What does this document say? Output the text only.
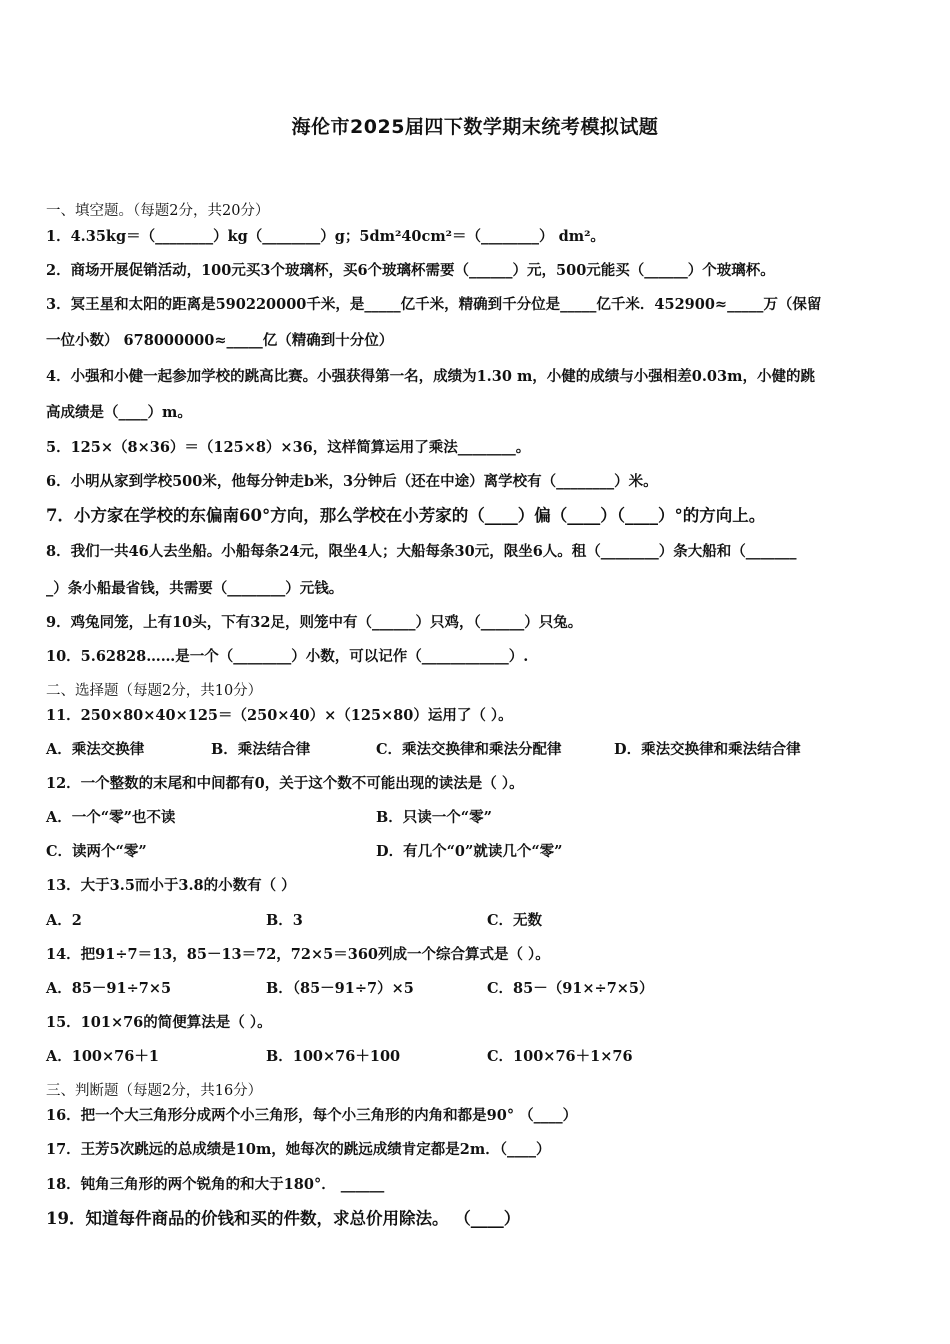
海伦市2025届四下数学期末统考模拟试题
一、填空题。（每题2分，共20分）
1．4.35kg＝（________）kg（________）g；5dm²40cm²＝（________） dm²。
2．商场开展促销活动，100元买3个玻璃杯，买6个玻璃杯需要（______）元，500元能买（______）个玻璃杯。
3．冥王星和太阳的距离是590220000千米，是_____亿千米，精确到千分位是_____亿千米．452900≈_____万（保留
一位小数） 678000000≈_____亿（精确到十分位）
4．小强和小健一起参加学校的跳高比赛。小强获得第一名，成绩为1.30 m，小健的成绩与小强相差0.03m，小健的跳
高成绩是（____）m。
5．125×（8×36）＝（125×8）×36，这样简算运用了乘法________。
6．小明从家到学校500米，他每分钟走b米，3分钟后（还在中途）离学校有（________）米。
7．小方家在学校的东偏南60°方向，那么学校在小芳家的（____）偏（____）（____）°的方向上。
8．我们一共46人去坐船。小船每条24元，限坐4人；大船每条30元，限坐6人。租（________）条大船和（_______
_）条小船最省钱，共需要（________）元钱。
9．鸡兔同笼，上有10头，下有32足，则笼中有（______）只鸡，（______）只兔。
10．5.62828……是一个（________）小数，可以记作（____________）.
二、选择题（每题2分，共10分）
11．250×80×40×125＝（250×40）×（125×80）运用了（ ）。
A．乘法交换律	B．乘法结合律	C．乘法交换律和乘法分配律	D．乘法交换律和乘法结合律
12．一个整数的末尾和中间都有0，关于这个数不可能出现的读法是（ ）。
A．一个“零”也不读	B．只读一个“零”
C．读两个“零”	D．有几个“0”就读几个“零”
13．大于3.5而小于3.8的小数有（ ）
A．2	B．3	C．无数
14．把91÷7＝13，85－13＝72，72×5＝360列成一个综合算式是（ ）。
A．85－91÷7×5	B．（85－91÷7）×5	C．85－（91×÷7×5）
15．101×76的简便算法是（ ）。
A．100×76＋1	B．100×76＋100	C．100×76＋1×76
三、判断题（每题2分，共16分）
16．把一个大三角形分成两个小三角形，每个小三角形的内角和都是90° （____）
17．王芳5次跳远的总成绩是10m，她每次的跳远成绩肯定都是2m．（____）
18．钝角三角形的两个锐角的和大于180°． ______
19．知道每件商品的价钱和买的件数，求总价用除法。 （____）
